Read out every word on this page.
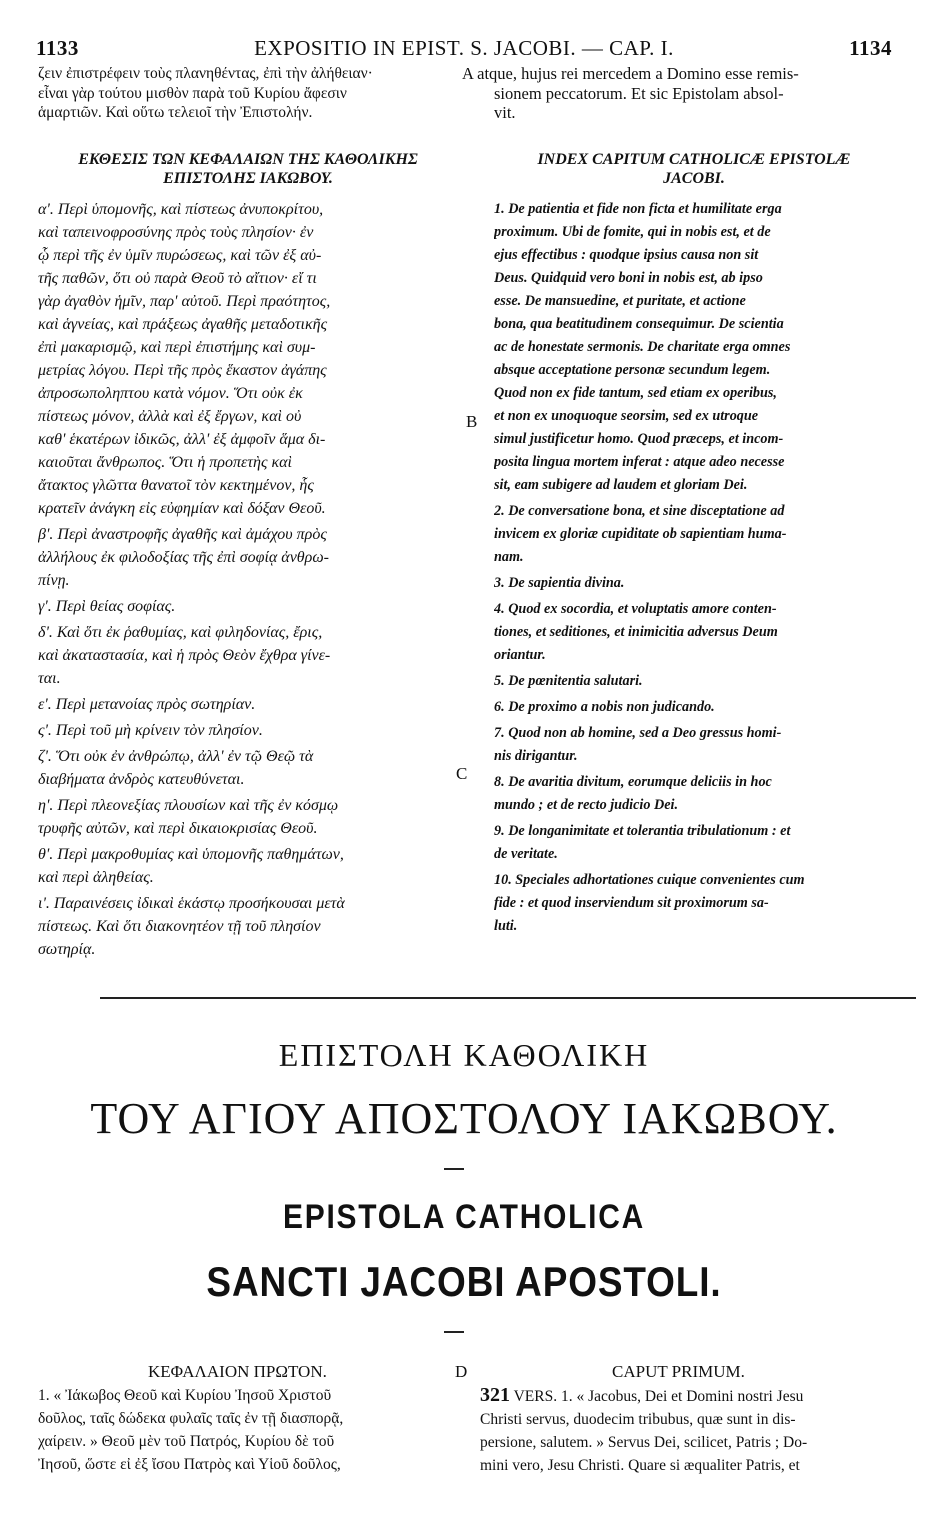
1133	EXPOSITIO IN EPIST. S. JACOBI. — CAP. I.	1134
ζειν ἐπιστρέφειν τοὺς πλανηθέντας, ἐπὶ τὴν ἀλήθειαν·
εἶναι γὰρ τούτου μισθὸν παρὰ τοῦ Κυρίου ἄφεσιν
ἁμαρτιῶν. Καὶ οὕτω τελειοῖ τὴν Ἐπιστολήν.
A atque, hujus rei mercedem a Domino esse remis-
sionem peccatorum. Et sic Epistolam absol-
vit.
ΕΚΘΕΣΙΣ ΤΩΝ ΚΕΦΑΛΑΙΩΝ ΤΗΣ ΚΑΘΟΛΙΚΗΣ
ΕΠΙΣΤΟΛΗΣ ΙΑΚΩΒΟΥ.
INDEX CAPITUM CATHOLICÆ EPISTOLÆ
JACOBI.
α'. Περὶ ὑπομονῆς, καὶ πίστεως ἀνυποκρίτου,
καὶ ταπεινοφροσύνης πρὸς τοὺς πλησίον· ἐν
ᾧ περὶ τῆς ἐν ὑμῖν πυρώσεως, καὶ τῶν ἐξ αὐ-
τῆς παθῶν, ὅτι οὐ παρὰ Θεοῦ τὸ αἴτιον· εἴ τι
γὰρ ἀγαθὸν ἡμῖν, παρ' αὐτοῦ. Περὶ πραότητος,
καὶ ἁγνείας, καὶ πράξεως ἀγαθῆς μεταδοτικῆς
ἐπὶ μακαρισμῷ, καὶ περὶ ἐπιστήμης καὶ συμ-
μετρίας λόγου. Περὶ τῆς πρὸς ἕκαστον ἀγάπης
ἀπροσωποληπτου κατὰ νόμον. Ὅτι οὐκ ἐκ
πίστεως μόνον, ἀλλὰ καὶ ἐξ ἔργων, καὶ οὐ
καθ' ἑκατέρων ἰδικῶς, ἀλλ' ἐξ ἀμφοῖν ἅμα δι-
καιοῦται ἄνθρωπος. Ὅτι ἡ προπετὴς καὶ
ἄτακτος γλῶττα θανατοῖ τὸν κεκτημένον, ἧς
κρατεῖν ἀνάγκη εἰς εὐφημίαν καὶ δόξαν Θεοῦ.
β'. Περὶ ἀναστροφῆς ἀγαθῆς καὶ ἀμάχου πρὸς
ἀλλήλους ἐκ φιλοδοξίας τῆς ἐπὶ σοφίᾳ ἀνθρω-
πίνῃ.
γ'. Περὶ θείας σοφίας.
δ'. Καὶ ὅτι ἐκ ῥαθυμίας, καὶ φιληδονίας, ἔρις,
καὶ ἀκαταστασία, καὶ ἡ πρὸς Θεὸν ἔχθρα γίνε-
ται.
ε'. Περὶ μετανοίας πρὸς σωτηρίαν.
ς'. Περὶ τοῦ μὴ κρίνειν τὸν πλησίον.
ζ'. Ὅτι οὐκ ἐν ἀνθρώπῳ, ἀλλ' ἐν τῷ Θεῷ τὰ
διαβήματα ἀνδρὸς κατευθύνεται.
η'. Περὶ πλεονεξίας πλουσίων καὶ τῆς ἐν κόσμῳ
τρυφῆς αὐτῶν, καὶ περὶ δικαιοκρισίας Θεοῦ.
θ'. Περὶ μακροθυμίας καὶ ὑπομονῆς παθημάτων,
καὶ περὶ ἀληθείας.
ι'. Παραινέσεις ἰδικαὶ ἑκάστῳ προσήκουσαι μετὰ
πίστεως. Καὶ ὅτι διακονητέον τῇ τοῦ πλησίον
σωτηρίᾳ.
1. De patientia et fide non ficta et humilitate erga
proximum. Ubi de fomite, qui in nobis est, et de
ejus effectibus : quodque ipsius causa non sit
Deus. Quidquid vero boni in nobis est, ab ipso
esse. De mansuedine, et puritate, et actione
bona, qua beatitudinem consequimur. De scientia
ac de honestate sermonis. De charitate erga omnes
absque acceptatione personæ secundum legem.
Quod non ex fide tantum, sed etiam ex operibus,
et non ex unoquoque seorsim, sed ex utroque
simul justificetur homo. Quod præceps, et incom-
posita lingua mortem inferat : atque adeo necesse
sit, eam subigere ad laudem et gloriam Dei.
2. De conversatione bona, et sine disceptatione ad
invicem ex gloriæ cupiditate ob sapientiam huma-
nam.
3. De sapientia divina.
4. Quod ex socordia, et voluptatis amore conten-
tiones, et seditiones, et inimicitia adversus Deum
oriantur.
5. De pœnitentia salutari.
6. De proximo a nobis non judicando.
7. Quod non ab homine, sed a Deo gressus homi-
nis dirigantur.
8. De avaritia divitum, eorumque deliciis in hoc
mundo ; et de recto judicio Dei.
9. De longanimitate et tolerantia tribulationum : et
de veritate.
10. Speciales adhortationes cuique convenientes cum
fide : et quod inserviendum sit proximorum sa-
luti.
B
C
ΕΠΙΣΤΟΛΗ ΚΑΘΟΛΙΚΗ
ΤΟΥ ΑΓΙΟΥ ΑΠΟΣΤΟΛΟΥ ΙΑΚΩΒΟΥ.
EPISTOLA CATHOLICA
SANCTI JACOBI APOSTOLI.
ΚΕΦΑΛΑΙΟΝ ΠΡΩΤΟΝ.	D	CAPUT PRIMUM.
1. « Ἰάκωβος Θεοῦ καὶ Κυρίου Ἰησοῦ Χριστοῦ
δοῦλος, ταῖς δώδεκα φυλαῖς ταῖς ἐν τῇ διασπορᾷ,
χαίρειν. » Θεοῦ μὲν τοῦ Πατρός, Κυρίου δὲ τοῦ
Ἰησοῦ, ὥστε εἰ ἐξ ἴσου Πατρὸς καὶ Υἱοῦ δοῦλος,
321 VERS. 1. « Jacobus, Dei et Domini nostri Jesu
Christi servus, duodecim tribubus, quæ sunt in dis-
persione, salutem. » Servus Dei, scilicet, Patris ; Do-
mini vero, Jesu Christi. Quare si æqualiter Patris, et
